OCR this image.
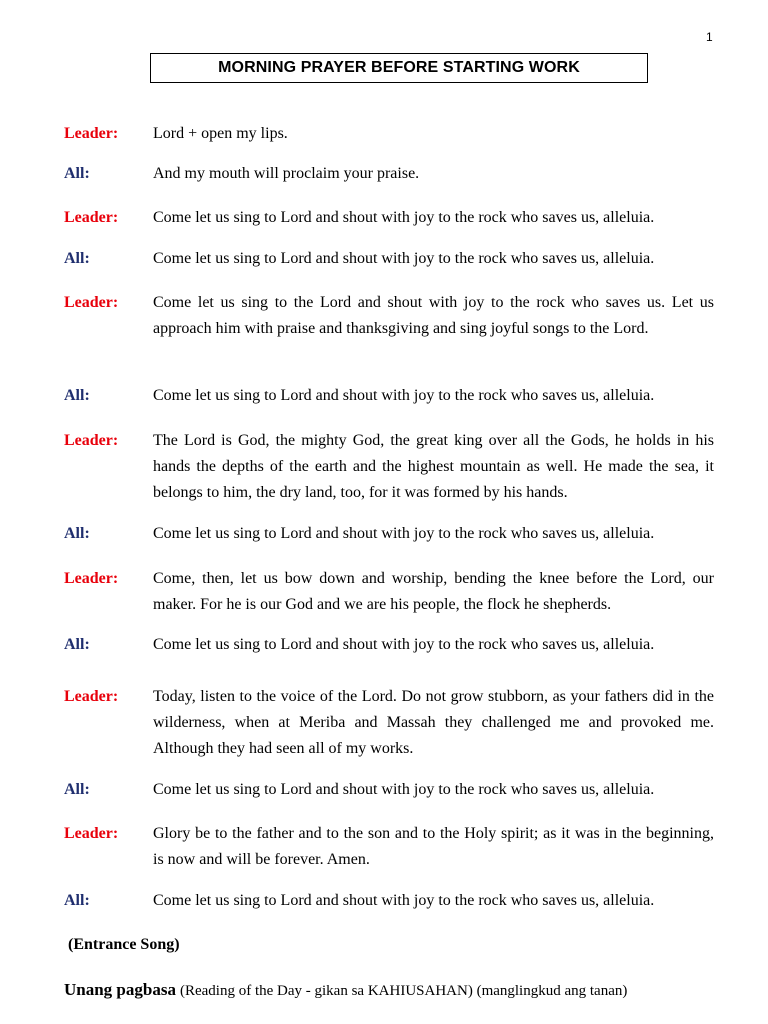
1
MORNING PRAYER BEFORE STARTING WORK
Leader: Lord + open my lips.
All:	And my mouth will proclaim your praise.
Leader: Come let us sing to Lord and shout with joy to the rock who saves us, alleluia.
All:	Come let us sing to Lord and shout with joy to the rock who saves us, alleluia.
Leader: Come let us sing to the Lord and shout with joy to the rock who saves us. Let us approach him with praise and thanksgiving and sing joyful songs to the Lord.
All:	Come let us sing to Lord and shout with joy to the rock who saves us, alleluia.
Leader: The Lord is God, the mighty God, the great king over all the Gods, he holds in his hands the depths of the earth and the highest mountain as well. He made the sea, it belongs to him, the dry land, too, for it was formed by his hands.
All:	Come let us sing to Lord and shout with joy to the rock who saves us, alleluia.
Leader: Come, then, let us bow down and worship, bending the knee before the Lord, our maker. For he is our God and we are his people, the flock he shepherds.
All:	Come let us sing to Lord and shout with joy to the rock who saves us, alleluia.
Leader: Today, listen to the voice of the Lord. Do not grow stubborn, as your fathers did in the wilderness, when at Meriba and Massah they challenged me and provoked me. Although they had seen all of my works.
All:	Come let us sing to Lord and shout with joy to the rock who saves us, alleluia.
Leader: Glory be to the father and to the son and to the Holy spirit; as it was in the beginning, is now and will be forever. Amen.
All:	Come let us sing to Lord and shout with joy to the rock who saves us, alleluia.
(Entrance Song)
Unang pagbasa (Reading of the Day - gikan sa KAHIUSAHAN) (manglingkud ang tanan)
